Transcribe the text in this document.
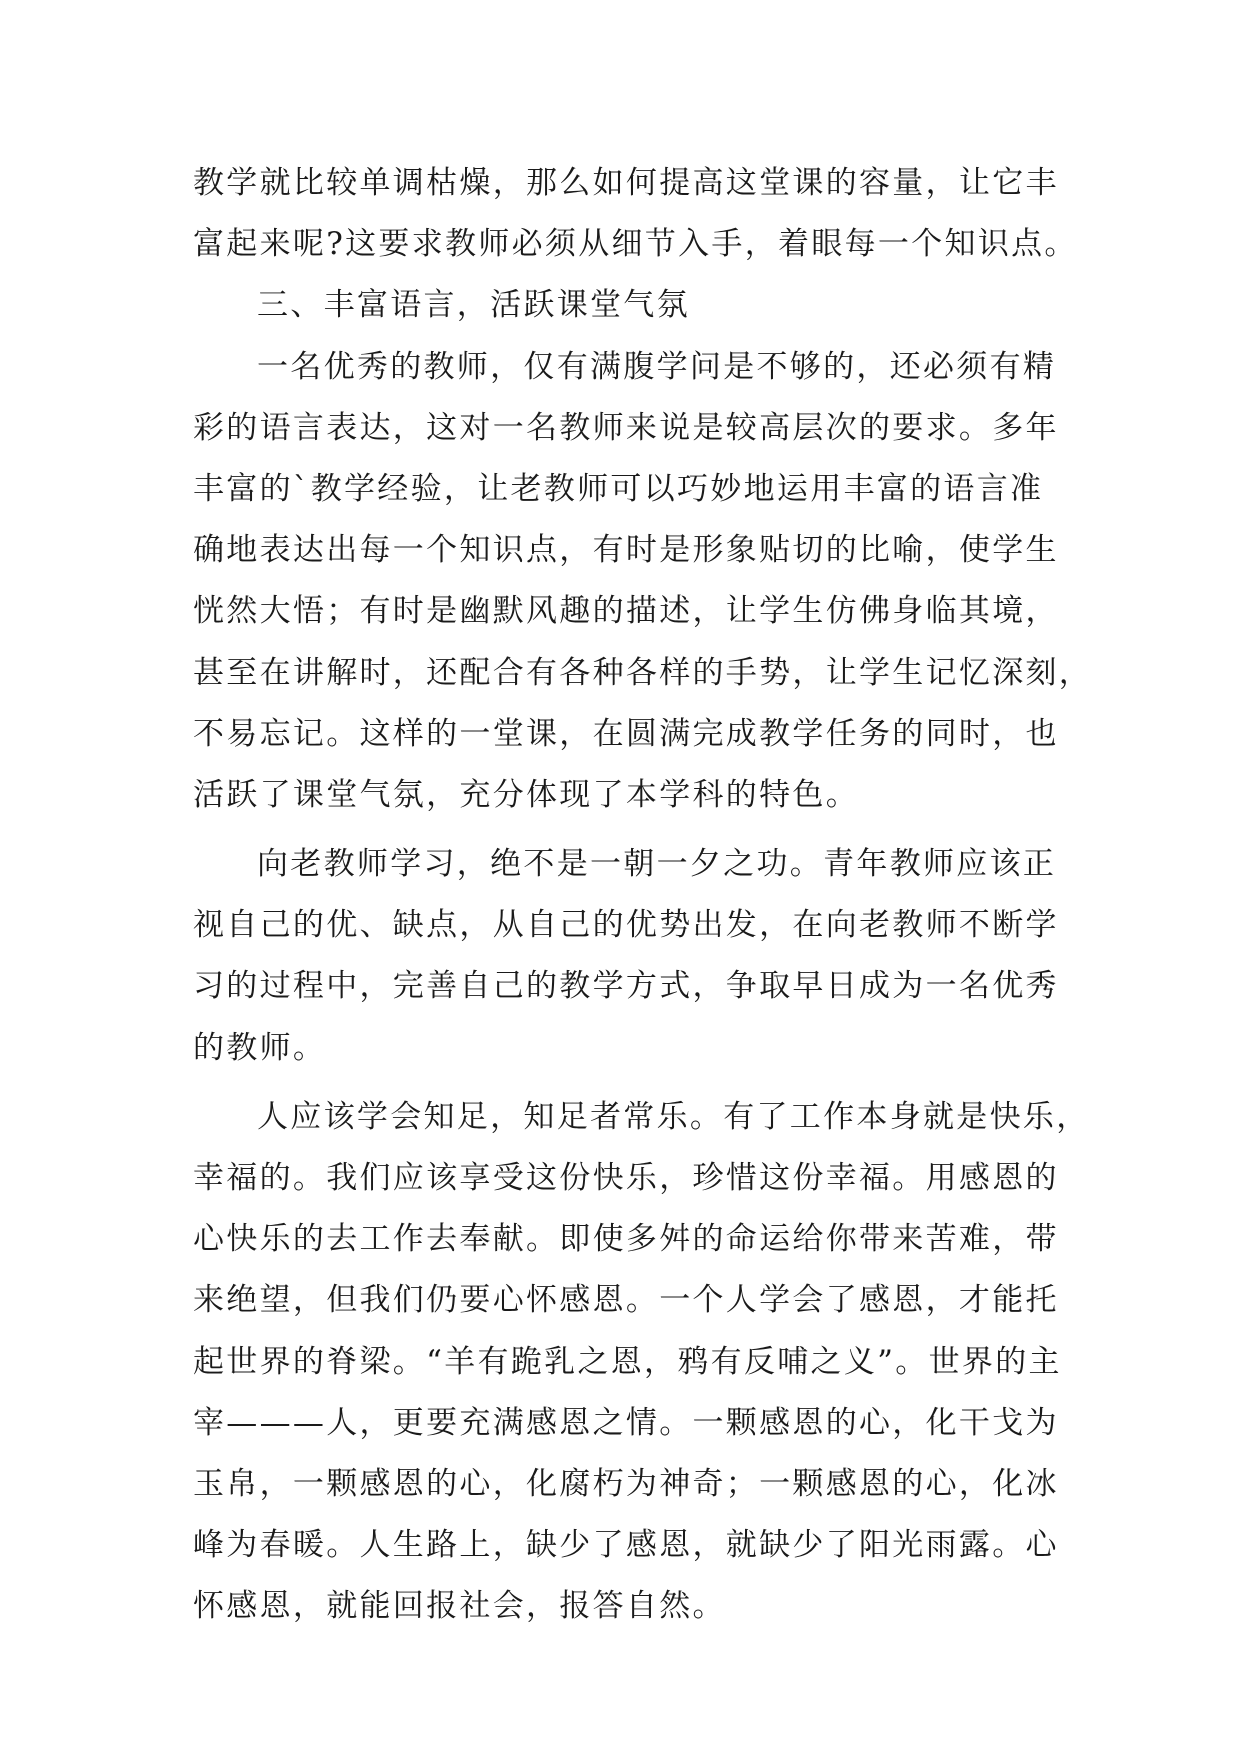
教学就比较单调枯燥，那么如何提高这堂课的容量，让它丰
富起来呢?这要求教师必须从细节入手，着眼每一个知识点。
三、丰富语言，活跃课堂气氛
一名优秀的教师，仅有满腹学问是不够的，还必须有精
彩的语言表达，这对一名教师来说是较高层次的要求。多年
丰富的`教学经验，让老教师可以巧妙地运用丰富的语言准
确地表达出每一个知识点，有时是形象贴切的比喻，使学生
恍然大悟；有时是幽默风趣的描述，让学生仿佛身临其境，
甚至在讲解时，还配合有各种各样的手势，让学生记忆深刻，
不易忘记。这样的一堂课，在圆满完成教学任务的同时，也
活跃了课堂气氛，充分体现了本学科的特色。
向老教师学习，绝不是一朝一夕之功。青年教师应该正
视自己的优、缺点，从自己的优势出发，在向老教师不断学
习的过程中，完善自己的教学方式，争取早日成为一名优秀
的教师。
人应该学会知足，知足者常乐。有了工作本身就是快乐，
幸福的。我们应该享受这份快乐，珍惜这份幸福。用感恩的
心快乐的去工作去奉献。即使多舛的命运给你带来苦难，带
来绝望，但我们仍要心怀感恩。一个人学会了感恩，才能托
起世界的脊梁。“羊有跪乳之恩，鸦有反哺之义”。世界的主
宰———人，更要充满感恩之情。一颗感恩的心，化干戈为
玉帛，一颗感恩的心，化腐朽为神奇；一颗感恩的心，化冰
峰为春暖。人生路上，缺少了感恩，就缺少了阳光雨露。心
怀感恩，就能回报社会，报答自然。
